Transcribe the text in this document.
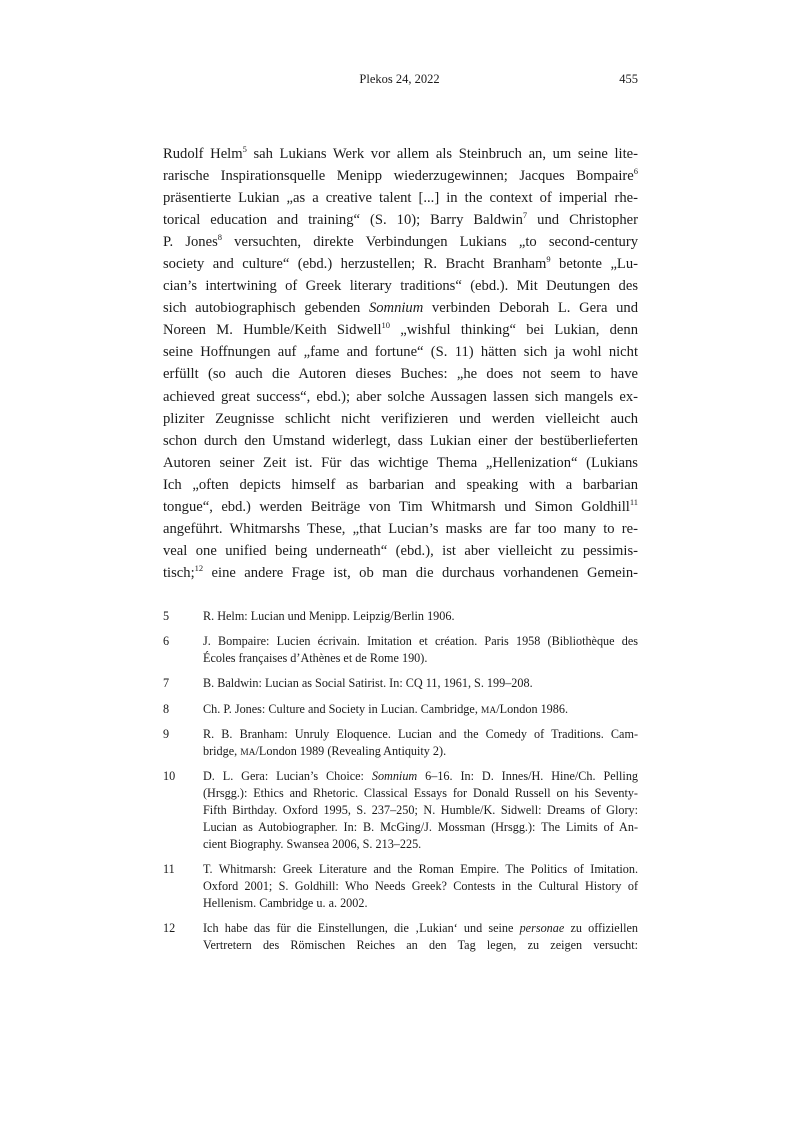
Plekos 24, 2022	455
Rudolf Helm$^5$ sah Lukians Werk vor allem als Steinbruch an, um seine lite-
rarische Inspirationsquelle Menipp wiederzugewinnen; Jacques Bompaire$^6$
präsentierte Lukian „as a creative talent [...] in the context of imperial rhe-
torical education and training“ (S. 10); Barry Baldwin$^7$ und Christopher
P. Jones$^8$ versuchten, direkte Verbindungen Lukians „to second-century
society and culture“ (ebd.) herzustellen; R. Bracht Branham$^9$ betonte „Lu-
cian’s intertwining of Greek literary traditions“ (ebd.). Mit Deutungen des
sich autobiographisch gebenden Somnium verbinden Deborah L. Gera und
Noreen M. Humble/Keith Sidwell$^{10}$ „wishful thinking“ bei Lukian, denn
seine Hoffnungen auf „fame and fortune“ (S. 11) hätten sich ja wohl nicht
erfüllt (so auch die Autoren dieses Buches: „he does not seem to have
achieved great success“, ebd.); aber solche Aussagen lassen sich mangels ex-
pliziter Zeugnisse schlicht nicht verifizieren und werden vielleicht auch
schon durch den Umstand widerlegt, dass Lukian einer der bestüberlieferten
Autoren seiner Zeit ist. Für das wichtige Thema „Hellenization“ (Lukians
Ich „often depicts himself as barbarian and speaking with a barbarian
tongue“, ebd.) werden Beiträge von Tim Whitmarsh und Simon Goldhill$^{11}$
angeführt. Whitmarshs These, „that Lucian’s masks are far too many to re-
veal one unified being underneath“ (ebd.), ist aber vielleicht zu pessimis-
tisch;$^{12}$ eine andere Frage ist, ob man die durchaus vorhandenen Gemein-
5	R. Helm: Lucian und Menipp. Leipzig/Berlin 1906.
6	J. Bompaire: Lucien écrivain. Imitation et création. Paris 1958 (Bibliothèque des
Écoles françaises d’Athènes et de Rome 190).
7	B. Baldwin: Lucian as Social Satirist. In: CQ 11, 1961, S. 199–208.
8	Ch. P. Jones: Culture and Society in Lucian. Cambridge, MA/London 1986.
9	R. B. Branham: Unruly Eloquence. Lucian and the Comedy of Traditions. Cam-
bridge, MA/London 1989 (Revealing Antiquity 2).
10 D. L. Gera: Lucian’s Choice: Somnium 6–16. In: D. Innes/H. Hine/Ch. Pelling
(Hrsgg.): Ethics and Rhetoric. Classical Essays for Donald Russell on his Seventy-
Fifth Birthday. Oxford 1995, S. 237–250; N. Humble/K. Sidwell: Dreams of Glory:
Lucian as Autobiographer. In: B. McGing/J. Mossman (Hrsgg.): The Limits of An-
cient Biography. Swansea 2006, S. 213–225.
11 T. Whitmarsh: Greek Literature and the Roman Empire. The Politics of Imitation.
Oxford 2001; S. Goldhill: Who Needs Greek? Contests in the Cultural History of
Hellenism. Cambridge u. a. 2002.
12 Ich habe das für die Einstellungen, die ‚Lukian‘ und seine personae zu offiziellen
Vertretern des Römischen Reiches an den Tag legen, zu zeigen versucht:
